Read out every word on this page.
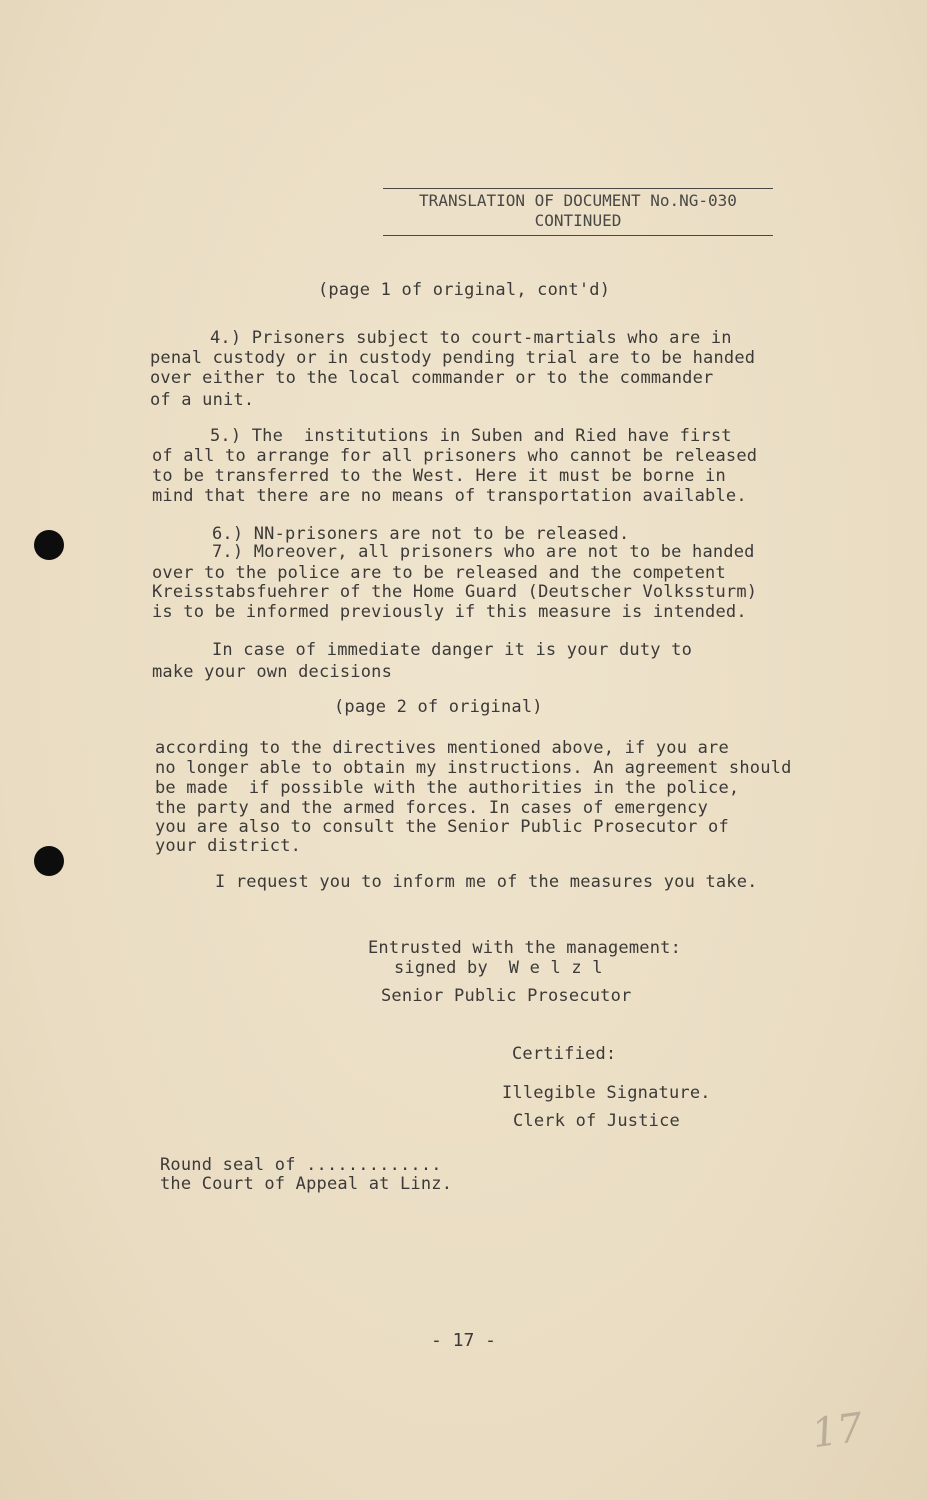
TRANSLATION OF DOCUMENT No.NG-030
CONTINUED
(page 1 of original, cont'd)
4.) Prisoners subject to court-martials who are in
penal custody or in custody pending trial are to be handed
over either to the local commander or to the commander
of a unit.
5.) The  institutions in Suben and Ried have first
of all to arrange for all prisoners who cannot be released
to be transferred to the West. Here it must be borne in
mind that there are no means of transportation available.
6.) NN-prisoners are not to be released.
7.) Moreover, all prisoners who are not to be handed
over to the police are to be released and the competent
Kreisstabsfuehrer of the Home Guard (Deutscher Volkssturm)
is to be informed previously if this measure is intended.
In case of immediate danger it is your duty to
make your own decisions
(page 2 of original)
according to the directives mentioned above, if you are
no longer able to obtain my instructions. An agreement should
be made  if possible with the authorities in the police,
the party and the armed forces. In cases of emergency
you are also to consult the Senior Public Prosecutor of
your district.
I request you to inform me of the measures you take.
Entrusted with the management:
signed by  W e l z l
Senior Public Prosecutor
Certified:
Illegible Signature.
Clerk of Justice
Round seal of .............
the Court of Appeal at Linz.
- 17 -
17
